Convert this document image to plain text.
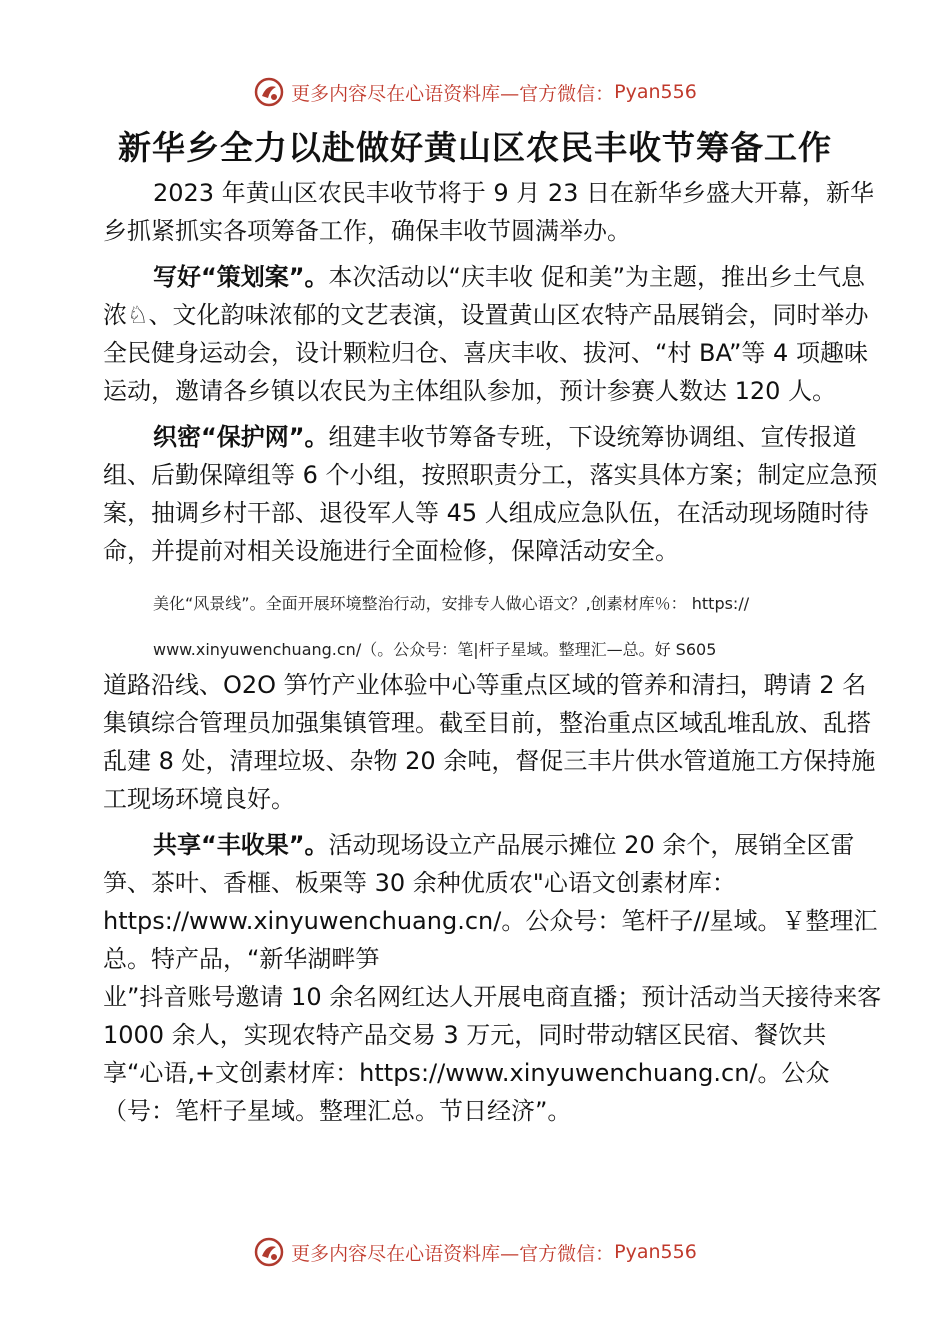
更多内容尽在心语资料库—官方微信： Pyan556
新华乡全力以赴做好黄山区农民丰收节筹备工作

2023 年黄山区农民丰收节将于 9 月 23 日在新华乡盛大开幕，新华乡抓紧抓实各项筹备工作，确保丰收节圆满举办。

写好“策划案”。本次活动以“庆丰收 促和美”为主题，推出乡土气息浓♘、文化韵味浓郁的文艺表演，设置黄山区农特产品展销会，同时举办全民健身运动会，设计颗粒归仓、喜庆丰收、拔河、“村 BA”等 4 项趣味运动，邀请各乡镇以农民为主体组队参加，预计参赛人数达 120 人。

织密“保护网”。组建丰收节筹备专班，下设统筹协调组、宣传报道组、后勤保障组等 6 个小组，按照职责分工，落实具体方案；制定应急预案，抽调乡村干部、退役军人等 45 人组成应急队伍，在活动现场随时待命，并提前对相关设施进行全面检修，保障活动安全。

美化“风景线”。全面开展环境整治行动，安排专人做心语文？,创素材库％： https://

www.xinyuwenchuang.cn/（。公众号：笔|杆子星域。整理汇—总。好 S605

道路沿线、O2O 笋竹产业体验中心等重点区域的管养和清扫，聘请 2 名集镇综合管理员加强集镇管理。截至目前，整治重点区域乱堆乱放、乱搭乱建 8 处，清理垃圾、杂物 20 余吨，督促三丰片供水管道施工方保持施工现场环境良好。

共享“丰收果”。活动现场设立产品展示摊位 20 余个，展销全区雷笋、茶叶、香榧、板栗等 30 余种优质农"心语文创素材库：https://www.xinyuwenchuang.cn/。公众号：笔杆子//星域。￥整理汇总。特产品，“新华湖畔笋

业”抖音账号邀请 10 余名网红达人开展电商直播；预计活动当天接待来客 1000 余人，实现农特产品交易 3 万元，同时带动辖区民宿、餐饮共享“心语,+文创素材库：https://www.xinyuwenchuang.cn/。公众（号：笔杆子星域。整理汇总。节日经济”。

更多内容尽在心语资料库—官方微信： Pyan556
